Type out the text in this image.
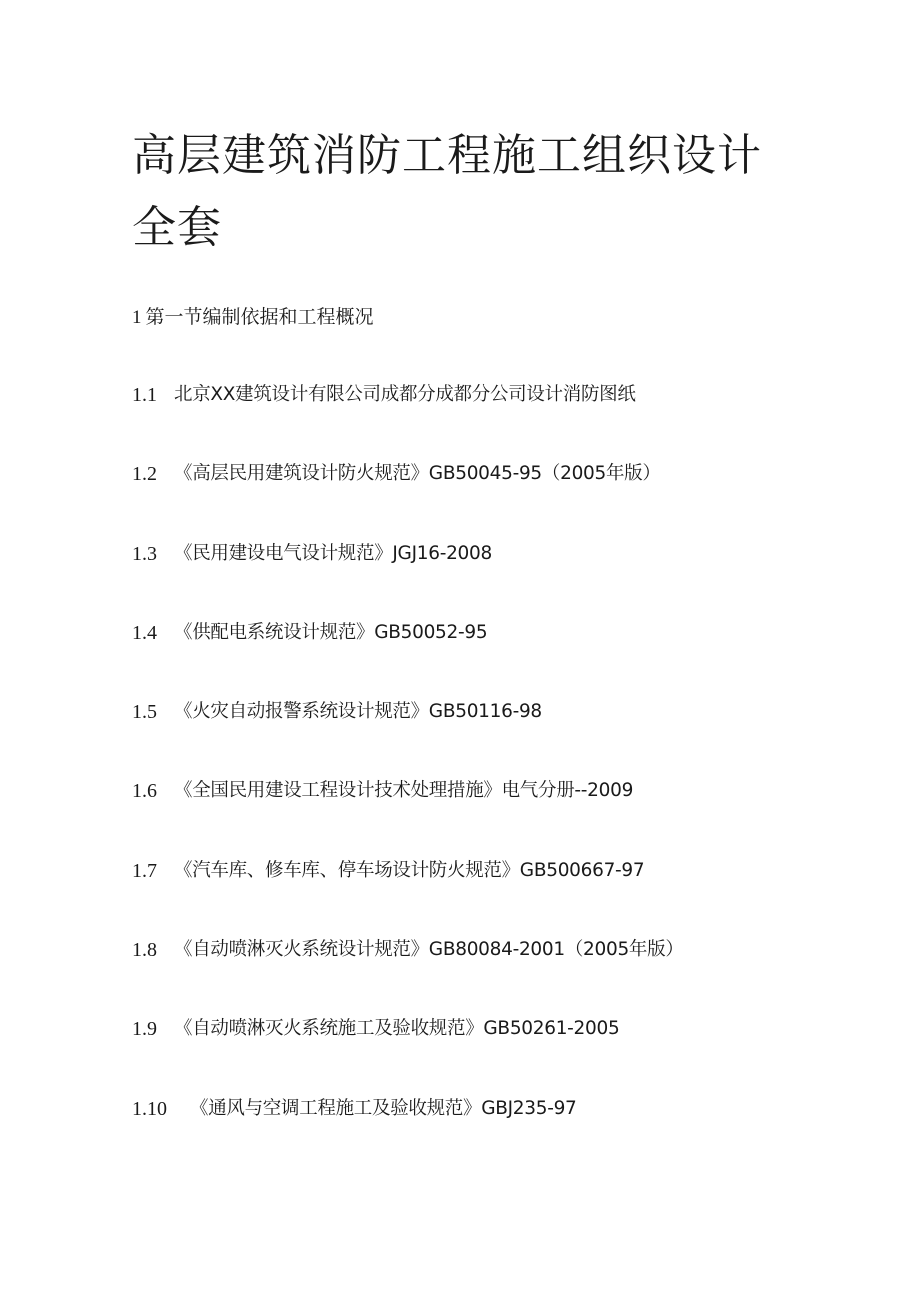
高层建筑消防工程施工组织设计全套
1 第一节编制依据和工程概况
1.1 北京XX建筑设计有限公司成都分成都分公司设计消防图纸
1.2 《高层民用建筑设计防火规范》GB50045-95（2005年版）
1.3 《民用建设电气设计规范》JGJ16-2008
1.4 《供配电系统设计规范》GB50052-95
1.5 《火灾自动报警系统设计规范》GB50116-98
1.6 《全国民用建设工程设计技术处理措施》电气分册--2009
1.7 《汽车库、修车库、停车场设计防火规范》GB500667-97
1.8 《自动喷淋灭火系统设计规范》GB80084-2001（2005年版）
1.9 《自动喷淋灭火系统施工及验收规范》GB50261-2005
1.10	《通风与空调工程施工及验收规范》GBJ235-97
